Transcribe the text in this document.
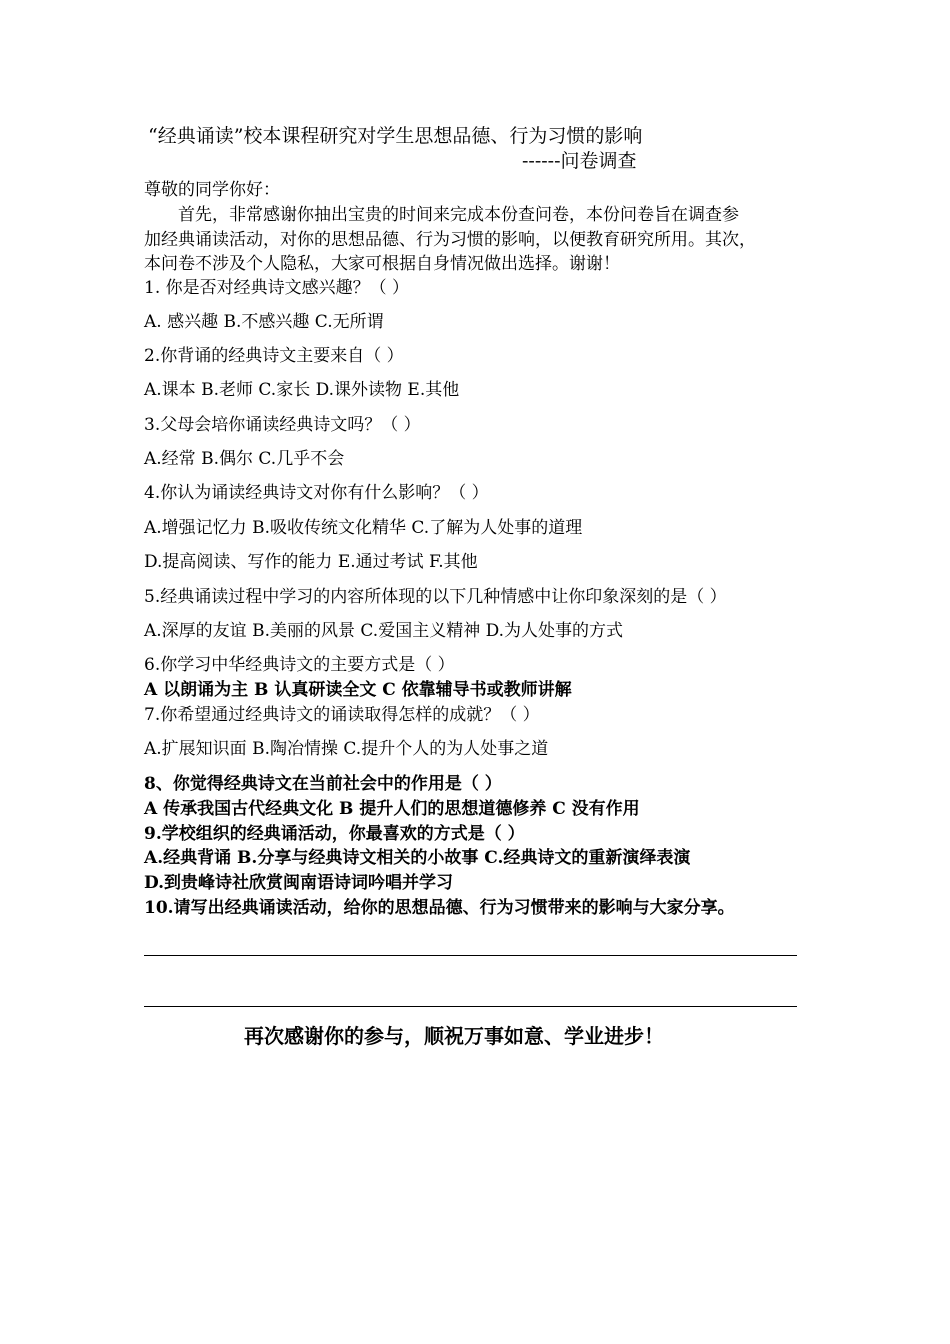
“经典诵读”校本课程研究对学生思想品德、行为习惯的影响

------问卷调查

尊敬的同学你好：

　　首先，非常感谢你抽出宝贵的时间来完成本份查问卷，本份问卷旨在调查参

加经典诵读活动，对你的思想品德、行为习惯的影响，以便教育研究所用。其次，

本问卷不涉及个人隐私，大家可根据自身情况做出选择。谢谢！

1. 你是否对经典诗文感兴趣？（ ）

A. 感兴趣 B.不感兴趣 C.无所谓

2.你背诵的经典诗文主要来自（ ）

A.课本 B.老师 C.家长 D.课外读物 E.其他

3.父母会培你诵读经典诗文吗？（ ）

A.经常 B.偶尔 C.几乎不会

4.你认为诵读经典诗文对你有什么影响？（ ）

A.增强记忆力 B.吸收传统文化精华 C.了解为人处事的道理

D.提高阅读、写作的能力 E.通过考试 F.其他

5.经典诵读过程中学习的内容所体现的以下几种情感中让你印象深刻的是（ ）

A.深厚的友谊 B.美丽的风景 C.爱国主义精神 D.为人处事的方式

6.你学习中华经典诗文的主要方式是（ ）

A 以朗诵为主 B 认真研读全文 C 依靠辅导书或教师讲解

7.你希望通过经典诗文的诵读取得怎样的成就？（ ）

A.扩展知识面 B.陶冶情操 C.提升个人的为人处事之道

8、你觉得经典诗文在当前社会中的作用是（ ）

A 传承我国古代经典文化 B 提升人们的思想道德修养 C 没有作用

9.学校组织的经典诵活动，你最喜欢的方式是（ ）

A.经典背诵 B.分享与经典诗文相关的小故事 C.经典诗文的重新演绎表演

D.到贵峰诗社欣赏闽南语诗词吟唱并学习

10.请写出经典诵读活动，给你的思想品德、行为习惯带来的影响与大家分享。

再次感谢你的参与，顺祝万事如意、学业进步！
